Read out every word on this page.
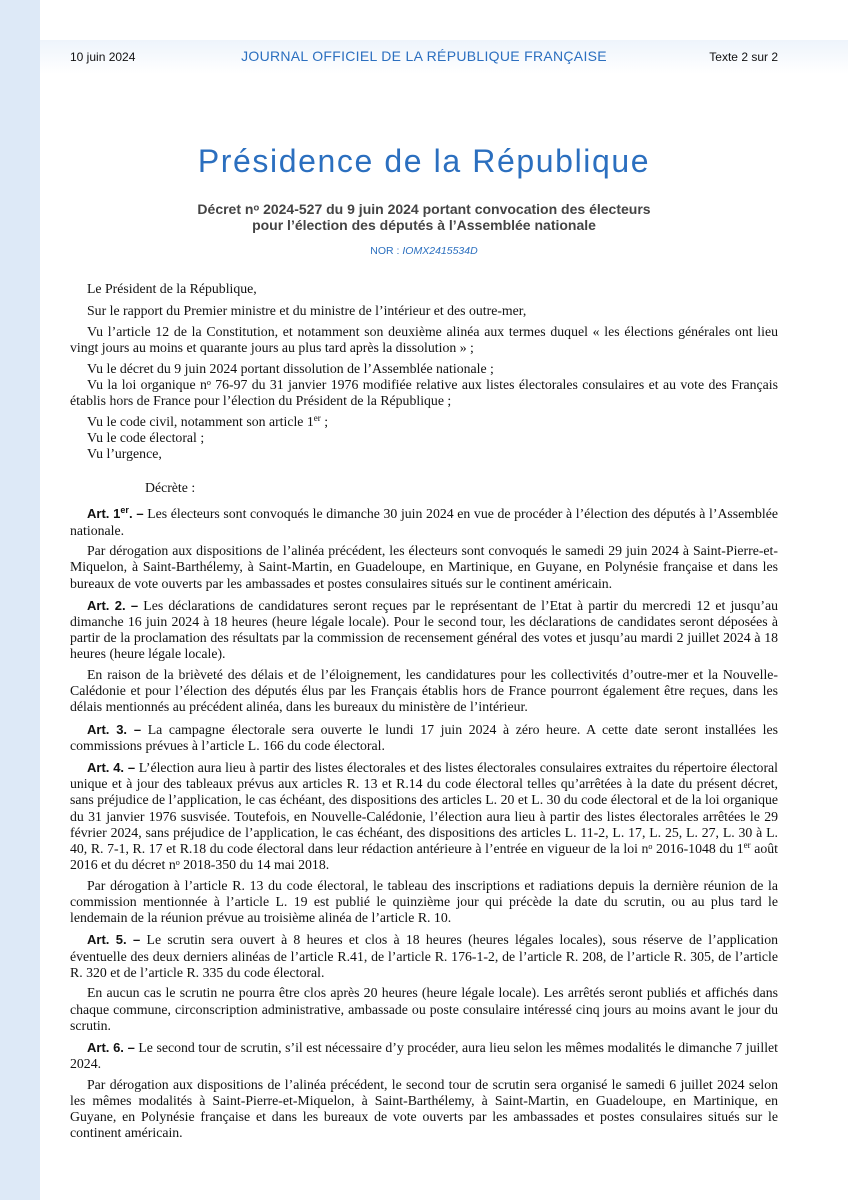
10 juin 2024	JOURNAL OFFICIEL DE LA RÉPUBLIQUE FRANÇAISE	Texte 2 sur 2
Présidence de la République
Décret nᵒ 2024-527 du 9 juin 2024 portant convocation des électeurs
pour l’élection des députés à l’Assemblée nationale
NOR : IOMX2415534D

Le Président de la République,

Sur le rapport du Premier ministre et du ministre de l’intérieur et des outre-mer,

Vu l’article 12 de la Constitution, et notamment son deuxième alinéa aux termes duquel « les élections générales ont lieu vingt jours au moins et quarante jours au plus tard après la dissolution » ;

Vu le décret du 9 juin 2024 portant dissolution de l’Assemblée nationale ;

Vu la loi organique nᵒ 76-97 du 31 janvier 1976 modifiée relative aux listes électorales consulaires et au vote des Français établis hors de France pour l’élection du Président de la République ;

Vu le code civil, notamment son article 1er ;

Vu le code électoral ;

Vu l’urgence,

Décrète :

Art. 1er. – Les électeurs sont convoqués le dimanche 30 juin 2024 en vue de procéder à l’élection des députés à l’Assemblée nationale.

Par dérogation aux dispositions de l’alinéa précédent, les électeurs sont convoqués le samedi 29 juin 2024 à Saint-Pierre-et-Miquelon, à Saint-Barthélemy, à Saint-Martin, en Guadeloupe, en Martinique, en Guyane, en Polynésie française et dans les bureaux de vote ouverts par les ambassades et postes consulaires situés sur le continent américain.

Art. 2. – Les déclarations de candidatures seront reçues par le représentant de l’Etat à partir du mercredi 12 et jusqu’au dimanche 16 juin 2024 à 18 heures (heure légale locale). Pour le second tour, les déclarations de candidates seront déposées à partir de la proclamation des résultats par la commission de recensement général des votes et jusqu’au mardi 2 juillet 2024 à 18 heures (heure légale locale).

En raison de la brièveté des délais et de l’éloignement, les candidatures pour les collectivités d’outre-mer et la Nouvelle-Calédonie et pour l’élection des députés élus par les Français établis hors de France pourront également être reçues, dans les délais mentionnés au précédent alinéa, dans les bureaux du ministère de l’intérieur.

Art. 3. – La campagne électorale sera ouverte le lundi 17 juin 2024 à zéro heure. A cette date seront installées les commissions prévues à l’article L. 166 du code électoral.

Art. 4. – L’élection aura lieu à partir des listes électorales et des listes électorales consulaires extraites du répertoire électoral unique et à jour des tableaux prévus aux articles R. 13 et R.14 du code électoral telles qu’arrêtées à la date du présent décret, sans préjudice de l’application, le cas échéant, des dispositions des articles L. 20 et L. 30 du code électoral et de la loi organique du 31 janvier 1976 susvisée. Toutefois, en Nouvelle-Calédonie, l’élection aura lieu à partir des listes électorales arrêtées le 29 février 2024, sans préjudice de l’application, le cas échéant, des dispositions des articles L. 11-2, L. 17, L. 25, L. 27, L. 30 à L. 40, R. 7-1, R. 17 et R.18 du code électoral dans leur rédaction antérieure à l’entrée en vigueur de la loi nᵒ 2016-1048 du 1er août 2016 et du décret nᵒ 2018-350 du 14 mai 2018.

Par dérogation à l’article R. 13 du code électoral, le tableau des inscriptions et radiations depuis la dernière réunion de la commission mentionnée à l’article L. 19 est publié le quinzième jour qui précède la date du scrutin, ou au plus tard le lendemain de la réunion prévue au troisième alinéa de l’article R. 10.

Art. 5. – Le scrutin sera ouvert à 8 heures et clos à 18 heures (heures légales locales), sous réserve de l’application éventuelle des deux derniers alinéas de l’article R.41, de l’article R. 176-1-2, de l’article R. 208, de l’article R. 305, de l’article R. 320 et de l’article R. 335 du code électoral.

En aucun cas le scrutin ne pourra être clos après 20 heures (heure légale locale). Les arrêtés seront publiés et affichés dans chaque commune, circonscription administrative, ambassade ou poste consulaire intéressé cinq jours au moins avant le jour du scrutin.

Art. 6. – Le second tour de scrutin, s’il est nécessaire d’y procéder, aura lieu selon les mêmes modalités le dimanche 7 juillet 2024.

Par dérogation aux dispositions de l’alinéa précédent, le second tour de scrutin sera organisé le samedi 6 juillet 2024 selon les mêmes modalités à Saint-Pierre-et-Miquelon, à Saint-Barthélemy, à Saint-Martin, en Guadeloupe, en Martinique, en Guyane, en Polynésie française et dans les bureaux de vote ouverts par les ambassades et postes consulaires situés sur le continent américain.
